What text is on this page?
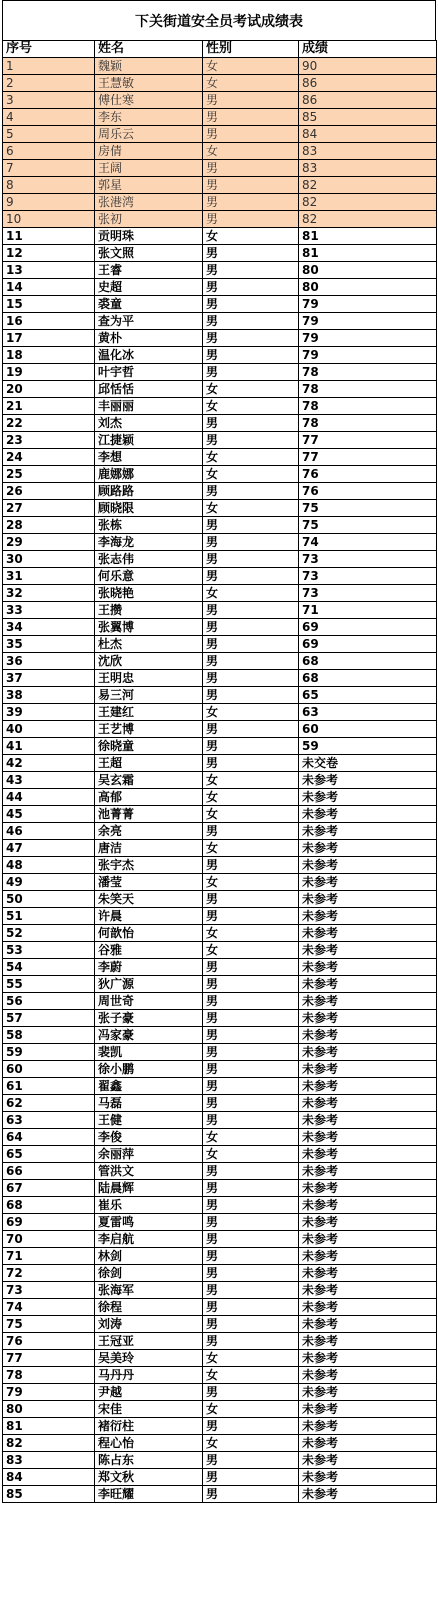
下关街道安全员考试成绩表
序号	姓名	性别	成绩
1	魏颖	女	90
2	王慧敏	女	86
3	傅仕寒	男	86
4	李东	男	85
5	周乐云	男	84
6	房倩	女	83
7	王阔	男	83
8	郭星	男	82
9	张港湾	男	82
10	张初	男	82
11	贡明珠	女	81
12	张文照	男	81
13	王睿	男	80
14	史超	男	80
15	裘童	男	79
16	查为平	男	79
17	黄朴	男	79
18	温化冰	男	79
19	叶宇哲	男	78
20	邱恬恬	女	78
21	丰丽丽	女	78
22	刘杰	男	78
23	江捷颖	男	77
24	李想	女	77
25	鹿娜娜	女	76
26	顾路路	男	76
27	顾晓限	女	75
28	张栋	男	75
29	李海龙	男	74
30	张志伟	男	73
31	何乐意	男	73
32	张晓艳	女	73
33	王攒	男	71
34	张翼博	男	69
35	杜杰	男	69
36	沈欣	男	68
37	王明忠	男	68
38	易三河	男	65
39	王建红	女	63
40	王艺博	男	60
41	徐晓童	男	59
42	王超	男	未交卷
43	吴玄霜	女	未参考
44	高郁	女	未参考
45	池菁菁	女	未参考
46	余亮	男	未参考
47	唐洁	女	未参考
48	张宇杰	男	未参考
49	潘莹	女	未参考
50	朱笑天	男	未参考
51	许晨	男	未参考
52	何歆怡	女	未参考
53	谷雅	女	未参考
54	李蔚	男	未参考
55	狄广源	男	未参考
56	周世奇	男	未参考
57	张子豪	男	未参考
58	冯家豪	男	未参考
59	裴凯	男	未参考
60	徐小鹏	男	未参考
61	翟鑫	男	未参考
62	马磊	男	未参考
63	王健	男	未参考
64	李俊	女	未参考
65	余丽萍	女	未参考
66	管洪文	男	未参考
67	陆晨辉	男	未参考
68	崔乐	男	未参考
69	夏雷鸣	男	未参考
70	李启航	男	未参考
71	林剑	男	未参考
72	徐剑	男	未参考
73	张海军	男	未参考
74	徐程	男	未参考
75	刘涛	男	未参考
76	王冠亚	男	未参考
77	吴美玲	女	未参考
78	马丹丹	女	未参考
79	尹越	男	未参考
80	宋佳	女	未参考
81	褚衍柱	男	未参考
82	程心怡	女	未参考
83	陈占东	男	未参考
84	郑文秋	男	未参考
85	李旺耀	男	未参考
